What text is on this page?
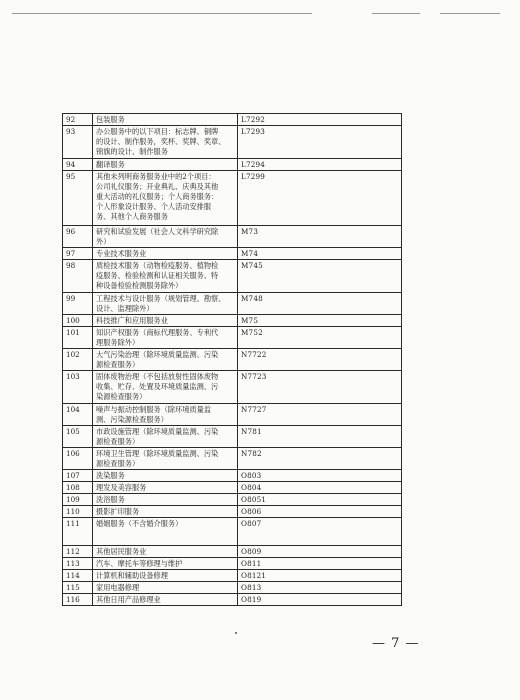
92	包装服务	L7292
93	办公服务中的以下项目：标志牌、铜牌
的设计、制作服务，奖杯、奖牌、奖章、
锦旗的设计、制作服务	L7293
94	翻译服务	L7294
95	其他未列明商务服务业中的2个项目：
公司礼仪服务；开业典礼、庆典及其他
重大活动的礼仪服务；个人商务服务：
个人形象设计服务、个人活动安排服
务、其他个人商务服务	L7299
96	研究和试验发展（社会人文科学研究除
外）	M73
97	专业技术服务业	M74
98	质检技术服务（动物检疫服务、植物检
疫服务、检验检测和认证相关服务、特
种设备检验检测服务除外）	M745
99	工程技术与设计服务（规划管理、勘察、
设计、监理除外）	M748
100	科技推广和应用服务业	M75
101	知识产权服务（商标代理服务、专利代
理服务除外）	M752
102	大气污染治理（除环境质量监测、污染
源检查服务）	N7722
103	固体废物治理（不包括放射性固体废物
收集、贮存、处置及环境质量监测、污
染源检查服务）	N7723
104	噪声与振动控制服务（除环境质量监
测、污染源检查服务）	N7727
105	市政设施管理（除环境质量监测、污染
源检查服务）	N781
106	环境卫生管理（除环境质量监测、污染
源检查服务）	N782
107	洗染服务	O803
108	理发及美容服务	O804
109	洗浴服务	O8051
110	摄影扩印服务	O806
111	婚姻服务（不含婚介服务）	O807
112	其他居民服务业	O809
113	汽车、摩托车等修理与维护	O811
114	计算机和辅助设备修理	O8121
115	家用电器修理	O813
116	其他日用产品修理业	O819
— 7 —
